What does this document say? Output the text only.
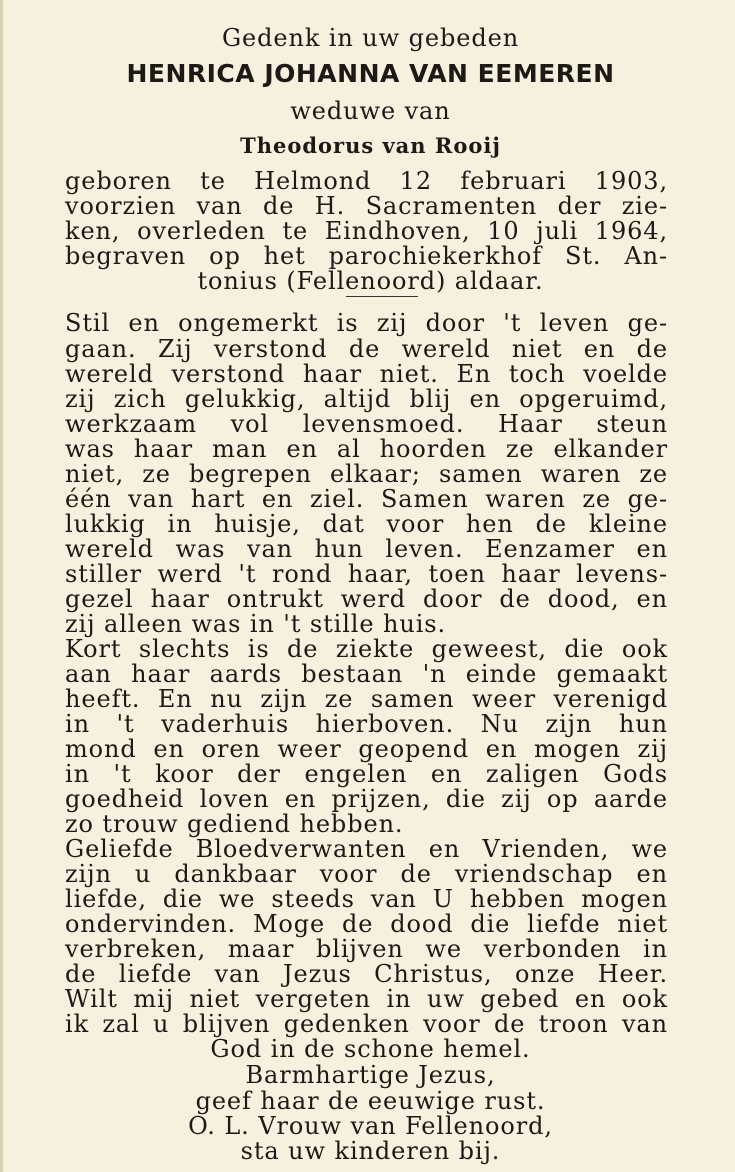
Gedenk in uw gebeden
HENRICA JOHANNA VAN EEMEREN
weduwe van
Theodorus van Rooij
geboren te Helmond 12 februari 1903,
voorzien van de H. Sacramenten der zie-
ken, overleden te Eindhoven, 10 juli 1964,
begraven op het parochiekerkhof St. An-
tonius (Fellenoord) aldaar.
Stil en ongemerkt is zij door 't leven ge-
gaan. Zij verstond de wereld niet en de
wereld verstond haar niet. En toch voelde
zij zich gelukkig, altijd blij en opgeruimd,
werkzaam vol levensmoed. Haar steun
was haar man en al hoorden ze elkander
niet, ze begrepen elkaar; samen waren ze
één van hart en ziel. Samen waren ze ge-
lukkig in huisje, dat voor hen de kleine
wereld was van hun leven. Eenzamer en
stiller werd 't rond haar, toen haar levens-
gezel haar ontrukt werd door de dood, en
zij alleen was in 't stille huis.
Kort slechts is de ziekte geweest, die ook
aan haar aards bestaan 'n einde gemaakt
heeft. En nu zijn ze samen weer verenigd
in 't vaderhuis hierboven. Nu zijn hun
mond en oren weer geopend en mogen zij
in 't koor der engelen en zaligen Gods
goedheid loven en prijzen, die zij op aarde
zo trouw gediend hebben.
Geliefde Bloedverwanten en Vrienden, we
zijn u dankbaar voor de vriendschap en
liefde, die we steeds van U hebben mogen
ondervinden. Moge de dood die liefde niet
verbreken, maar blijven we verbonden in
de liefde van Jezus Christus, onze Heer.
Wilt mij niet vergeten in uw gebed en ook
ik zal u blijven gedenken voor de troon van
God in de schone hemel.
Barmhartige Jezus,
geef haar de eeuwige rust.
O. L. Vrouw van Fellenoord,
sta uw kinderen bij.
